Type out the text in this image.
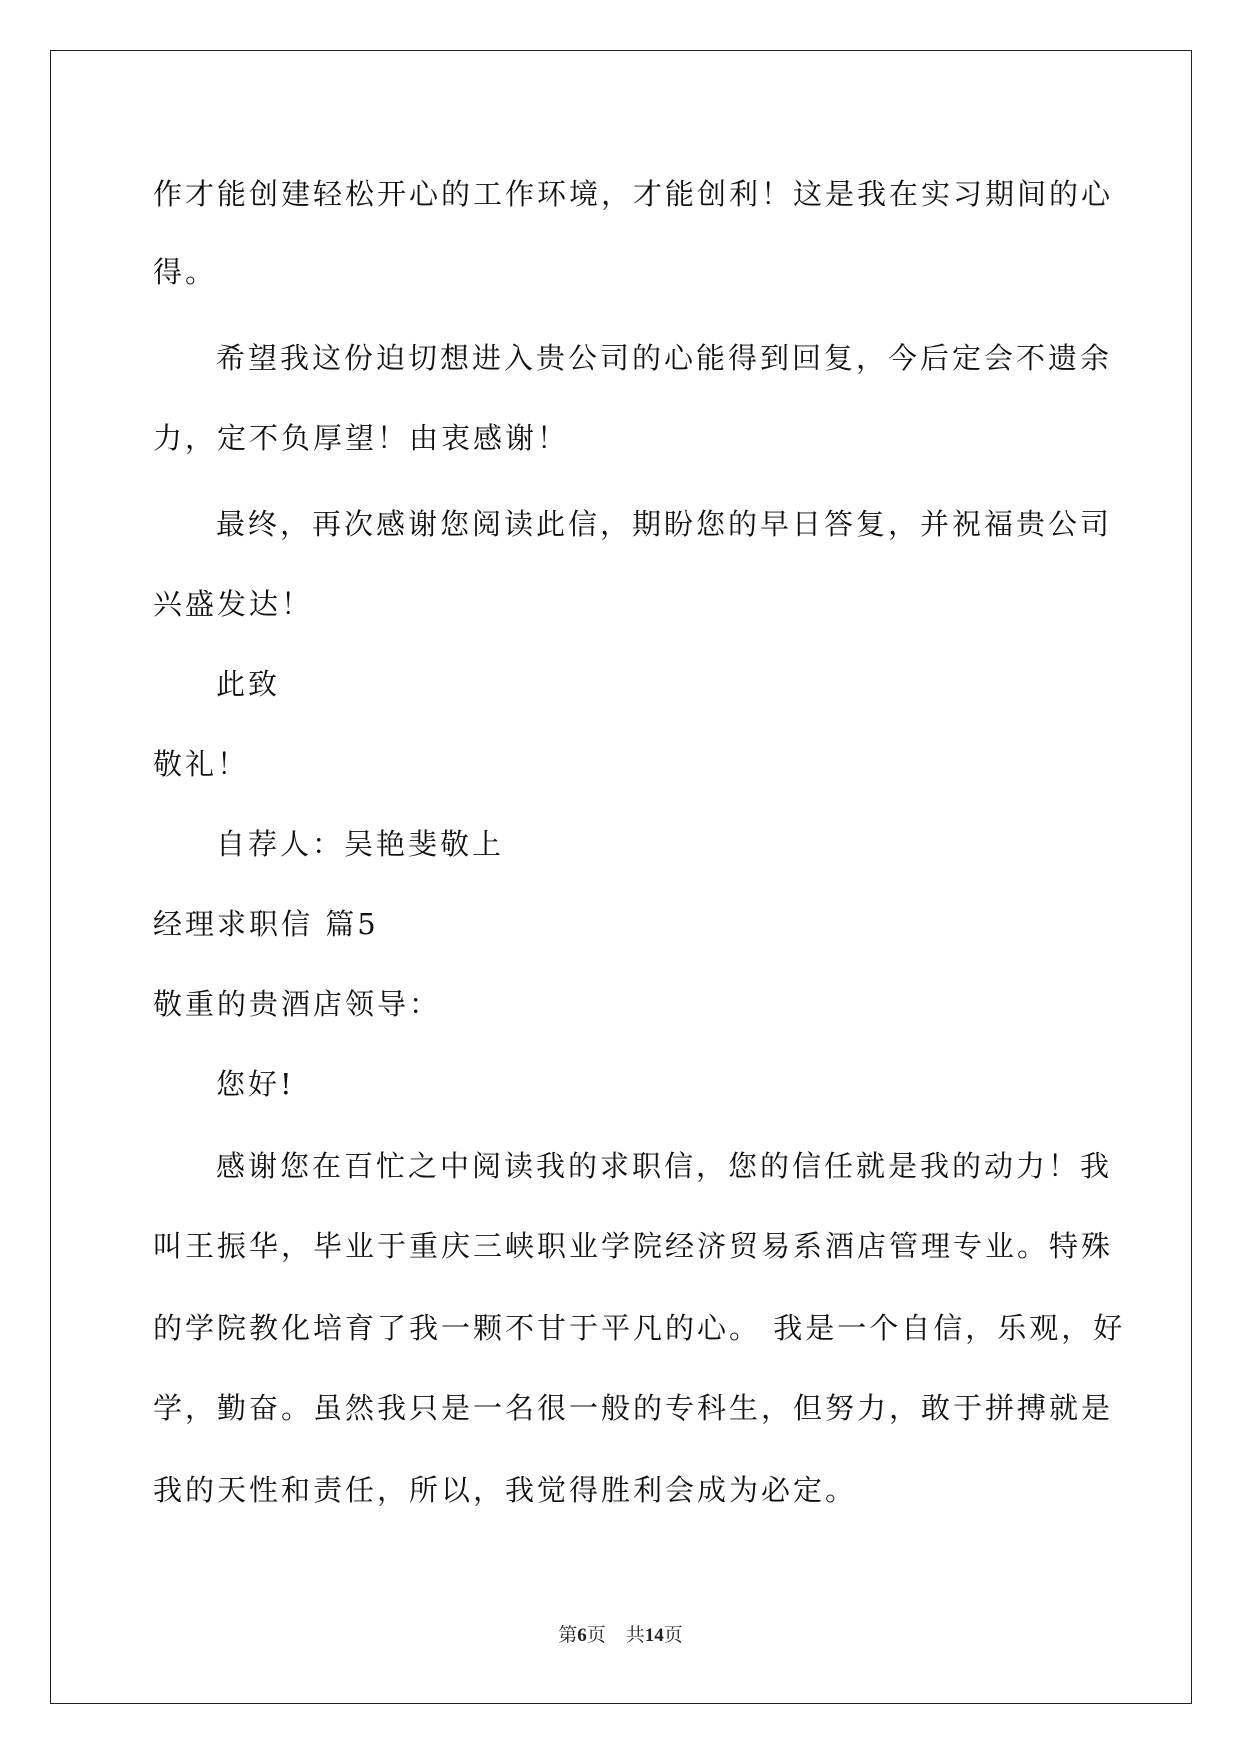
作才能创建轻松开心的工作环境，才能创利！这是我在实习期间的心
得。
希望我这份迫切想进入贵公司的心能得到回复，今后定会不遗余
力，定不负厚望！由衷感谢！
最终，再次感谢您阅读此信，期盼您的早日答复，并祝福贵公司
兴盛发达！
此致
敬礼！
自荐人：吴艳斐敬上
经理求职信 篇5
敬重的贵酒店领导：
您好!
感谢您在百忙之中阅读我的求职信，您的信任就是我的动力！我
叫王振华，毕业于重庆三峡职业学院经济贸易系酒店管理专业。特殊
的学院教化培育了我一颗不甘于平凡的心。 我是一个自信，乐观，好
学，勤奋。虽然我只是一名很一般的专科生，但努力，敢于拼搏就是
我的天性和责任，所以，我觉得胜利会成为必定。
第6页 共14页
